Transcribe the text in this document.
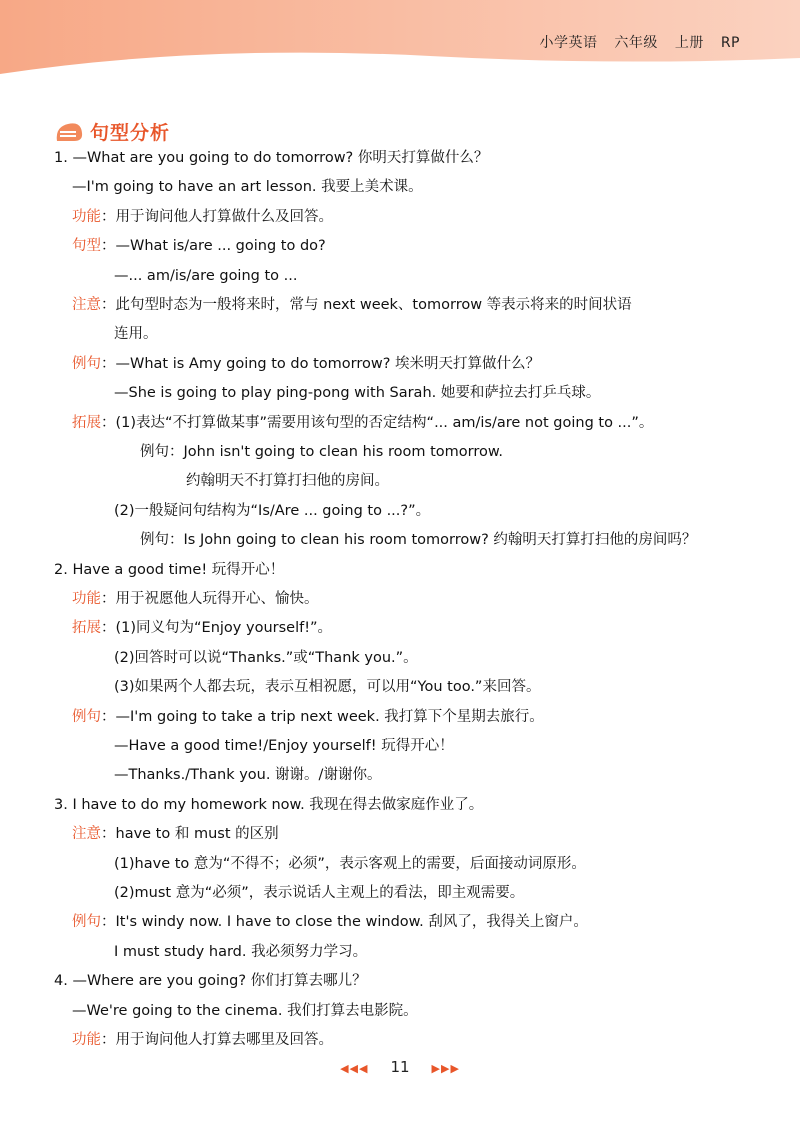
小学英语 六年级 上册 RP
句型分析
1. —What are you going to do tomorrow? 你明天打算做什么？
—I'm going to have an art lesson. 我要上美术课。
功能：用于询问他人打算做什么及回答。
句型：—What is/are ... going to do?
—... am/is/are going to ...
注意：此句型时态为一般将来时，常与 next week、tomorrow 等表示将来的时间状语
连用。
例句：—What is Amy going to do tomorrow? 埃米明天打算做什么？
—She is going to play ping-pong with Sarah. 她要和萨拉去打乒乓球。
拓展：(1)表达“不打算做某事”需要用该句型的否定结构“... am/is/are not going to ...”。
例句：John isn't going to clean his room tomorrow.
约翰明天不打算打扫他的房间。
(2)一般疑问句结构为“Is/Are ... going to ...?”。
例句：Is John going to clean his room tomorrow? 约翰明天打算打扫他的房间吗？
2. Have a good time! 玩得开心！
功能：用于祝愿他人玩得开心、愉快。
拓展：(1)同义句为“Enjoy yourself!”。
(2)回答时可以说“Thanks.”或“Thank you.”。
(3)如果两个人都去玩，表示互相祝愿，可以用“You too.”来回答。
例句：—I'm going to take a trip next week. 我打算下个星期去旅行。
—Have a good time!/Enjoy yourself! 玩得开心！
—Thanks./Thank you. 谢谢。/谢谢你。
3. I have to do my homework now. 我现在得去做家庭作业了。
注意：have to 和 must 的区别
(1)have to 意为“不得不；必须”，表示客观上的需要，后面接动词原形。
(2)must 意为“必须”，表示说话人主观上的看法，即主观需要。
例句：It's windy now. I have to close the window. 刮风了，我得关上窗户。
I must study hard. 我必须努力学习。
4. —Where are you going? 你们打算去哪儿？
—We're going to the cinema. 我们打算去电影院。
功能：用于询问他人打算去哪里及回答。
◀◀◀ 11 ▶▶▶
